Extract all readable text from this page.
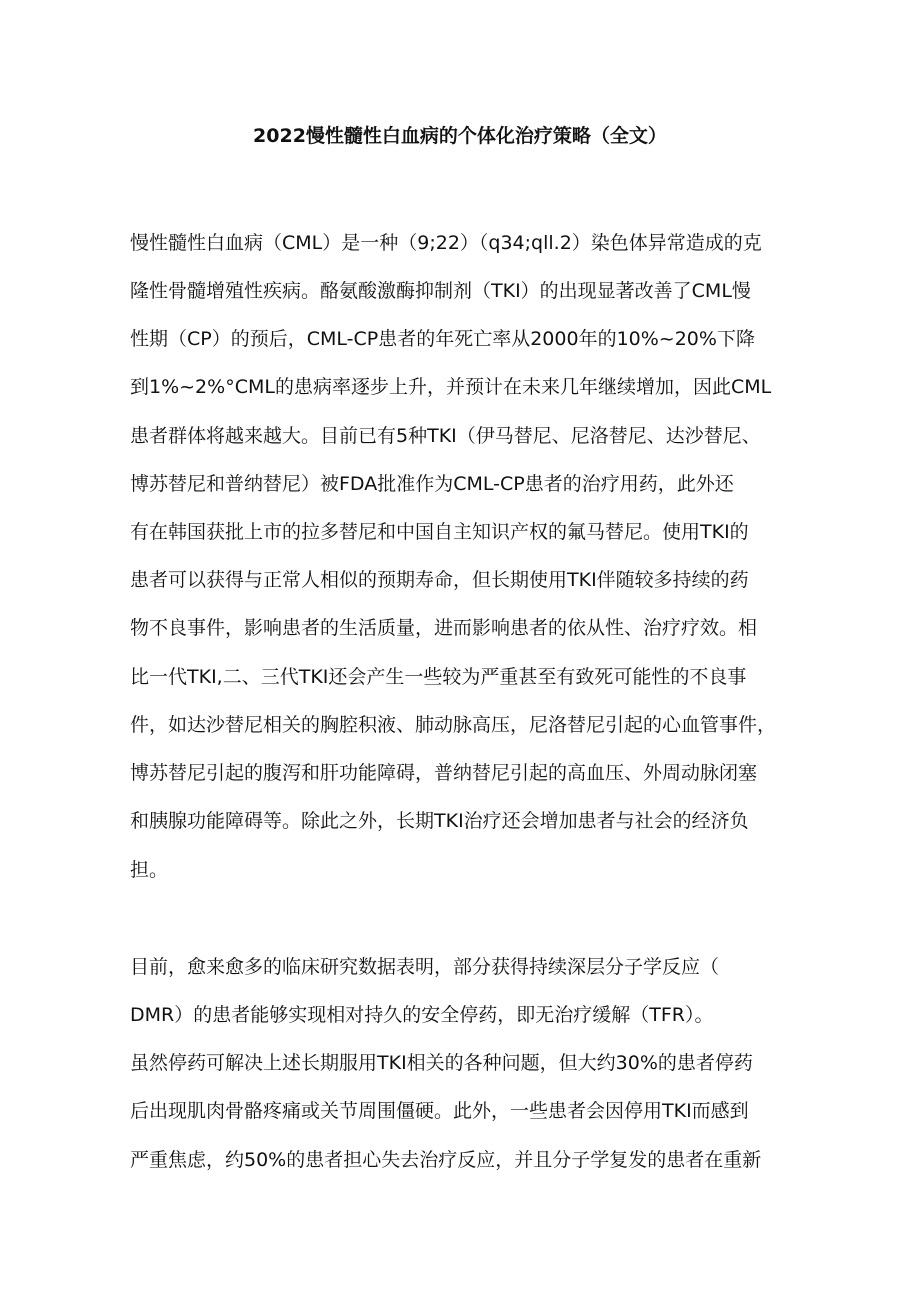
2022慢性髓性白血病的个体化治疗策略（全文）
慢性髓性白血病（CML）是一种（9;22）（q34;qll.2）染色体异常造成的克
隆性骨髓增殖性疾病。酪氨酸激酶抑制剂（TKI）的出现显著改善了CML慢
性期（CP）的预后，CML-CP患者的年死亡率从2000年的10%~20%下降
到1%~2%°CML的患病率逐步上升，并预计在未来几年继续增加，因此CML
患者群体将越来越大。目前已有5种TKI（伊马替尼、尼洛替尼、达沙替尼、
博苏替尼和普纳替尼）被FDA批准作为CML-CP患者的治疗用药，此外还
有在韩国获批上市的拉多替尼和中国自主知识产权的氟马替尼。使用TKI的
患者可以获得与正常人相似的预期寿命，但长期使用TKI伴随较多持续的药
物不良事件，影响患者的生活质量，进而影响患者的依从性、治疗疗效。相
比一代TKI,二、三代TKI还会产生一些较为严重甚至有致死可能性的不良事
件，如达沙替尼相关的胸腔积液、肺动脉高压，尼洛替尼引起的心血管事件，
博苏替尼引起的腹泻和肝功能障碍，普纳替尼引起的高血压、外周动脉闭塞
和胰腺功能障碍等。除此之外，长期TKI治疗还会增加患者与社会的经济负
担。
目前，愈来愈多的临床研究数据表明，部分获得持续深层分子学反应（
DMR）的患者能够实现相对持久的安全停药，即无治疗缓解（TFR）。
虽然停药可解决上述长期服用TKI相关的各种问题，但大约30%的患者停药
后出现肌肉骨骼疼痛或关节周围僵硬。此外，一些患者会因停用TKI而感到
严重焦虑，约50%的患者担心失去治疗反应，并且分子学复发的患者在重新
